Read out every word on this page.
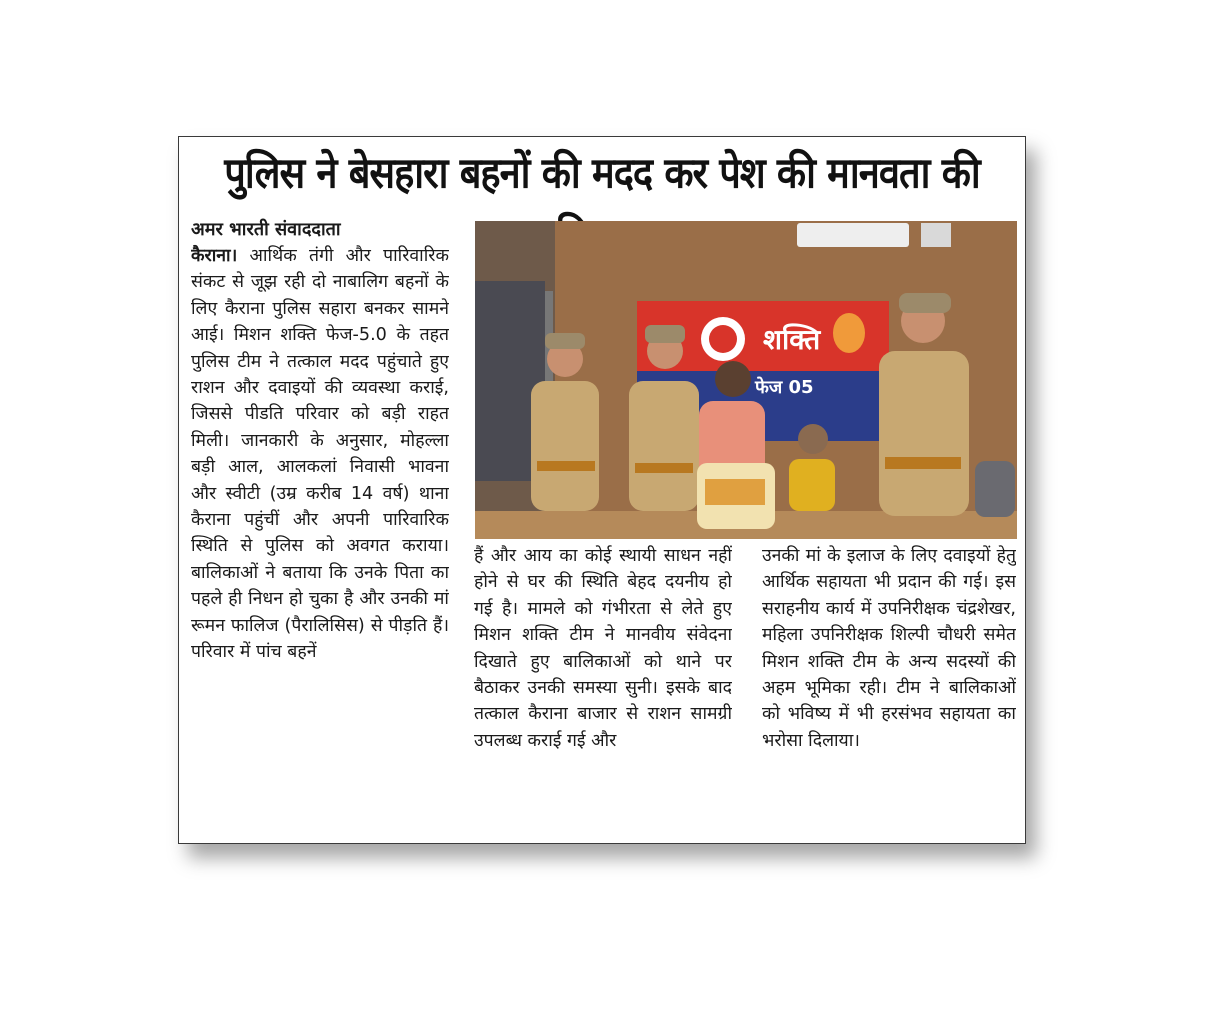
पुलिस ने बेसहारा बहनों की मदद कर पेश की मानवता की

अमर भारती संवाददाता

कैराना। आर्थिक तंगी और पारिवारिक संकट से जूझ रही दो नाबालिग बहनों के लिए कैराना पुलिस सहारा बनकर सामने आई। मिशन शक्ति फेज-5.0 के तहत पुलिस टीम ने तत्काल मदद पहुंचाते हुए राशन और दवाइयों की व्यवस्था कराई, जिससे पीडति परिवार को बड़ी राहत मिली। जानकारी के अनुसार, मोहल्ला बड़ी आल, आलकलां निवासी भावना और स्वीटी (उम्र करीब 14 वर्ष) थाना कैराना पहुंचीं और अपनी पारिवारिक स्थिति से पुलिस को अवगत कराया। बालिकाओं ने बताया कि उनके पिता का पहले ही निधन हो चुका है और उनकी मां रूमन फालिज (पैरालिसिस) से पीड़ति हैं। परिवार में पांच बहनें

शक्ति
फेज 05

हैं और आय का कोई स्थायी साधन नहीं होने से घर की स्थिति बेहद दयनीय हो गई है। मामले को गंभीरता से लेते हुए मिशन शक्ति टीम ने मानवीय संवेदना दिखाते हुए बालिकाओं को थाने पर बैठाकर उनकी समस्या सुनी। इसके बाद तत्काल कैराना बाजार से राशन सामग्री उपलब्ध कराई गई और

उनकी मां के इलाज के लिए दवाइयों हेतु आर्थिक सहायता भी प्रदान की गई। इस सराहनीय कार्य में उपनिरीक्षक चंद्रशेखर, महिला उपनिरीक्षक शिल्पी चौधरी समेत मिशन शक्ति टीम के अन्य सदस्यों की अहम भूमिका रही। टीम ने बालिकाओं को भविष्य में भी हरसंभव सहायता का भरोसा दिलाया।
